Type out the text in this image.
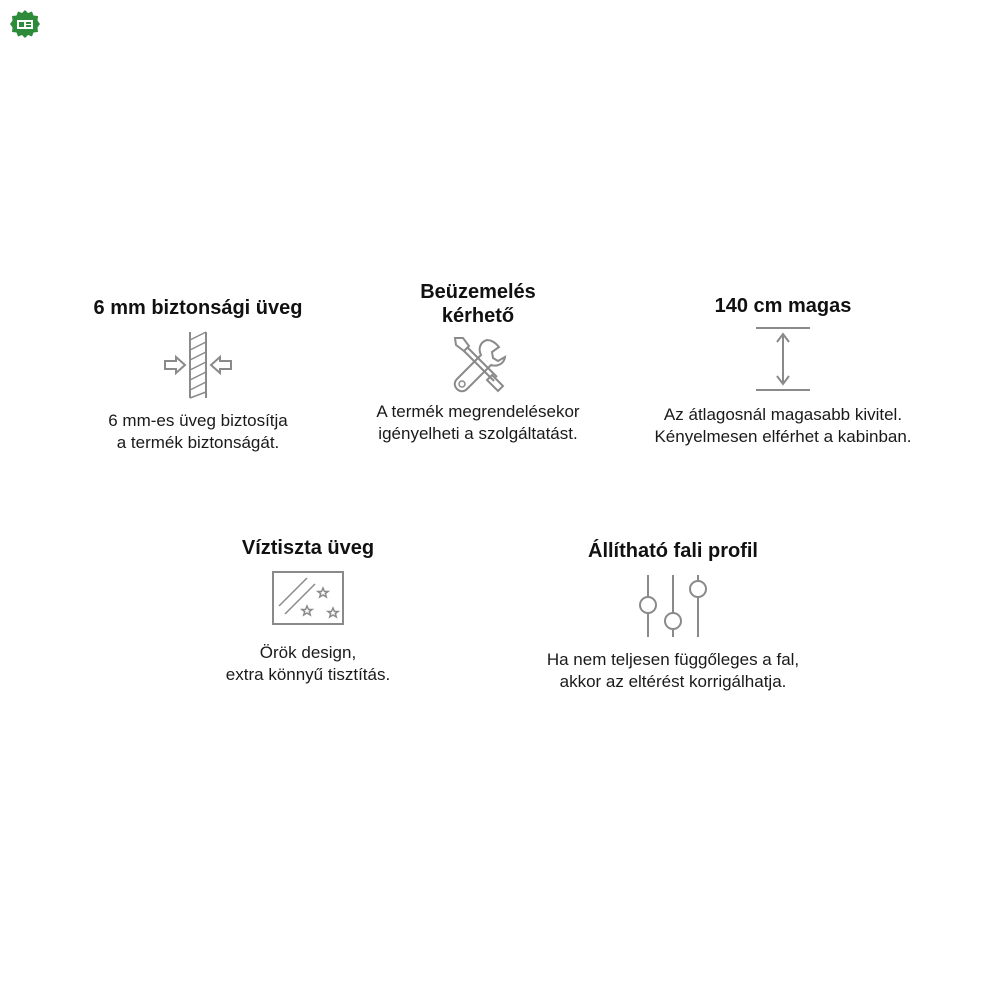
6 mm biztonsági üveg
6 mm-es üveg biztosítja
a termék biztonságát.
Beüzemelés
kérhető
A termék megrendelésekor
igényelheti a szolgáltatást.
140 cm magas
Az átlagosnál magasabb kivitel.
Kényelmesen elférhet a kabinban.
Víztiszta üveg
Örök design,
extra könnyű tisztítás.
Állítható fali profil
Ha nem teljesen függőleges a fal,
akkor az eltérést korrigálhatja.
